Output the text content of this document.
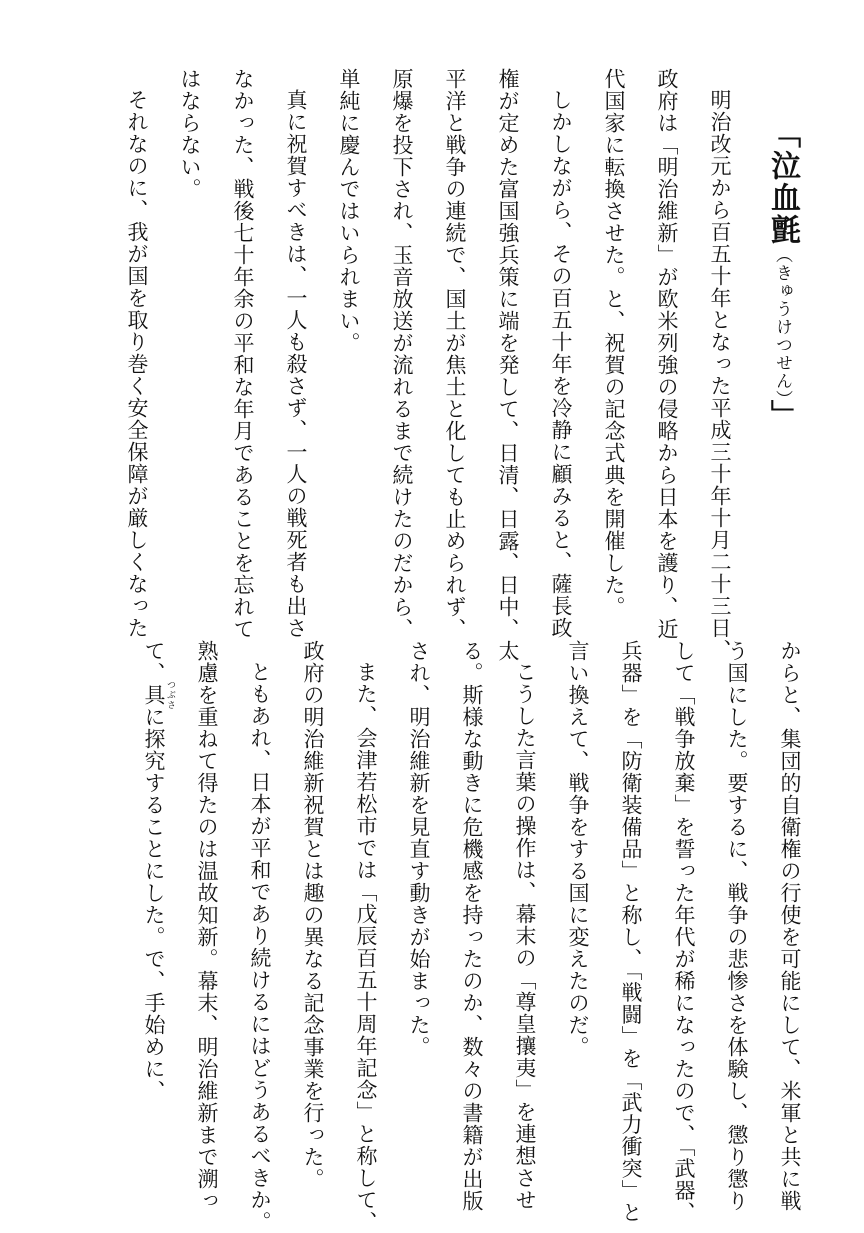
「泣血氈（きゅうけつせん）」
明治改元から百五十年となった平成三十年十月二十三日、
政府は「明治維新」が欧米列強の侵略から日本を護り、近
代国家に転換させた。と、祝賀の記念式典を開催した。
しかしながら、その百五十年を冷静に顧みると、薩長政
権が定めた富国強兵策に端を発して、日清、日露、日中、太
平洋と戦争の連続で、国土が焦土と化しても止められず、
原爆を投下され、玉音放送が流れるまで続けたのだから、
単純に慶んではいられまい。
真に祝賀すべきは、一人も殺さず、一人の戦死者も出さ
なかった、戦後七十年余の平和な年月であることを忘れて
はならない。
それなのに、我が国を取り巻く安全保障が厳しくなった
からと、集団的自衛権の行使を可能にして、米軍と共に戦
う国にした。要するに、戦争の悲惨さを体験し、懲り懲り
して「戦争放棄」を誓った年代が稀になったので、「武器、
兵器」を「防衛装備品」と称し、「戦闘」を「武力衝突」と
言い換えて、戦争をする国に変えたのだ。
こうした言葉の操作は、幕末の「尊皇攘夷」を連想させ
る。斯様な動きに危機感を持ったのか、数々の書籍が出版
され、明治維新を見直す動きが始まった。
また、会津若松市では「戊辰百五十周年記念」と称して、
政府の明治維新祝賀とは趣の異なる記念事業を行った。
ともあれ、日本が平和であり続けるにはどうあるべきか。
熟慮を重ねて得たのは温故知新。幕末、明治維新まで溯っ
て、具 つぶさに探究することにした。で、手始めに、
